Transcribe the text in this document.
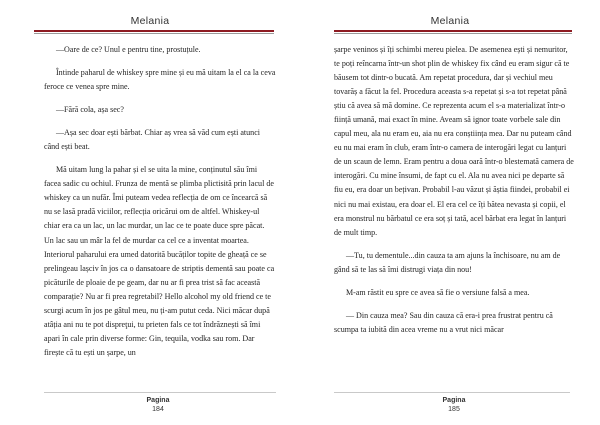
Melania

—Oare de ce? Unul e pentru tine, prostuțule.

Întinde paharul de whiskey spre mine și eu mă uitam la el ca la ceva feroce ce venea spre mine.

—Fără cola, așa sec?

—Așa sec doar ești bărbat. Chiar aș vrea să văd cum ești atunci când ești beat.

Mă uitam lung la pahar și el se uita la mine, conținutul său îmi facea sadic cu ochiul. Frunza de mentă se plimba plictisită prin lacul de whiskey ca un nufăr. Îmi puteam vedea reflecția de om ce încearcă să nu se lasă pradă viciilor, reflecția oricărui om de altfel. Whiskey-ul chiar era ca un lac, un lac murdar, un lac ce te poate duce spre păcat. Un lac sau un mâr la fel de murdar ca cel ce a inventat moartea. Interiorul paharului era umed datorită bucăților topite de gheață ce se prelingeau lașciv în jos ca o dansatoare de striptis dementă sau poate ca picăturile de ploaie de pe geam, dar nu ar fi prea trist să fac această comparație? Nu ar fi prea regretabil? Hello alcohol my old friend ce te scurgi acum în jos pe gâtul meu, nu ți-am putut ceda. Nici măcar după atâția ani nu te pot dispreţui, tu prieten fals ce tot îndrăznești să îmi apari în cale prin diverse forme: Gin, tequila, vodka sau rom. Dar firește că tu ești un șarpe, un

Pagina
184
Melania

șarpe veninos și îți schimbi mereu pielea. De asemenea ești și nemuritor, te poți reîncarna într-un shot plin de whiskey fix când eu eram sigur că te băusem tot dintr-o bucată. Am repetat procedura, dar și vechiul meu tovarăș a făcut la fel. Procedura aceasta s-a repetat și s-a tot repetat până știu că avea să mă domine. Ce reprezenta acum el s-a materializat într-o ființă umană, mai exact în mine. Aveam să ignor toate vorbele sale din capul meu, ala nu eram eu, aia nu era conștiința mea. Dar nu puteam când eu nu mai eram în club, eram într-o camera de interogări legat cu lanțuri de un scaun de lemn. Eram pentru a doua oară într-o blestemată camera de interogări. Cu mine însumi, de fapt cu el. Ala nu avea nici pe departe să fiu eu, era doar un bețivan. Probabil l-au văzut și ăștia fiindei, probabil ei nici nu mai existau, era doar el. El era cel ce îți bătea nevasta și copii, el era monstrul nu bărbatul ce era soț și tată, acel bărbat era legat în lanțuri de mult timp.

—Tu, tu dementule...din cauza ta am ajuns la închisoare, nu am de gând să te las să îmi distrugi viața din nou!

M-am răstit eu spre ce avea să fie o versiune falsă a mea.

— Din cauza mea? Sau din cauza că era-i prea frustrat pentru că scumpa ta iubită din acea vreme nu a vrut nici măcar

Pagina
185
